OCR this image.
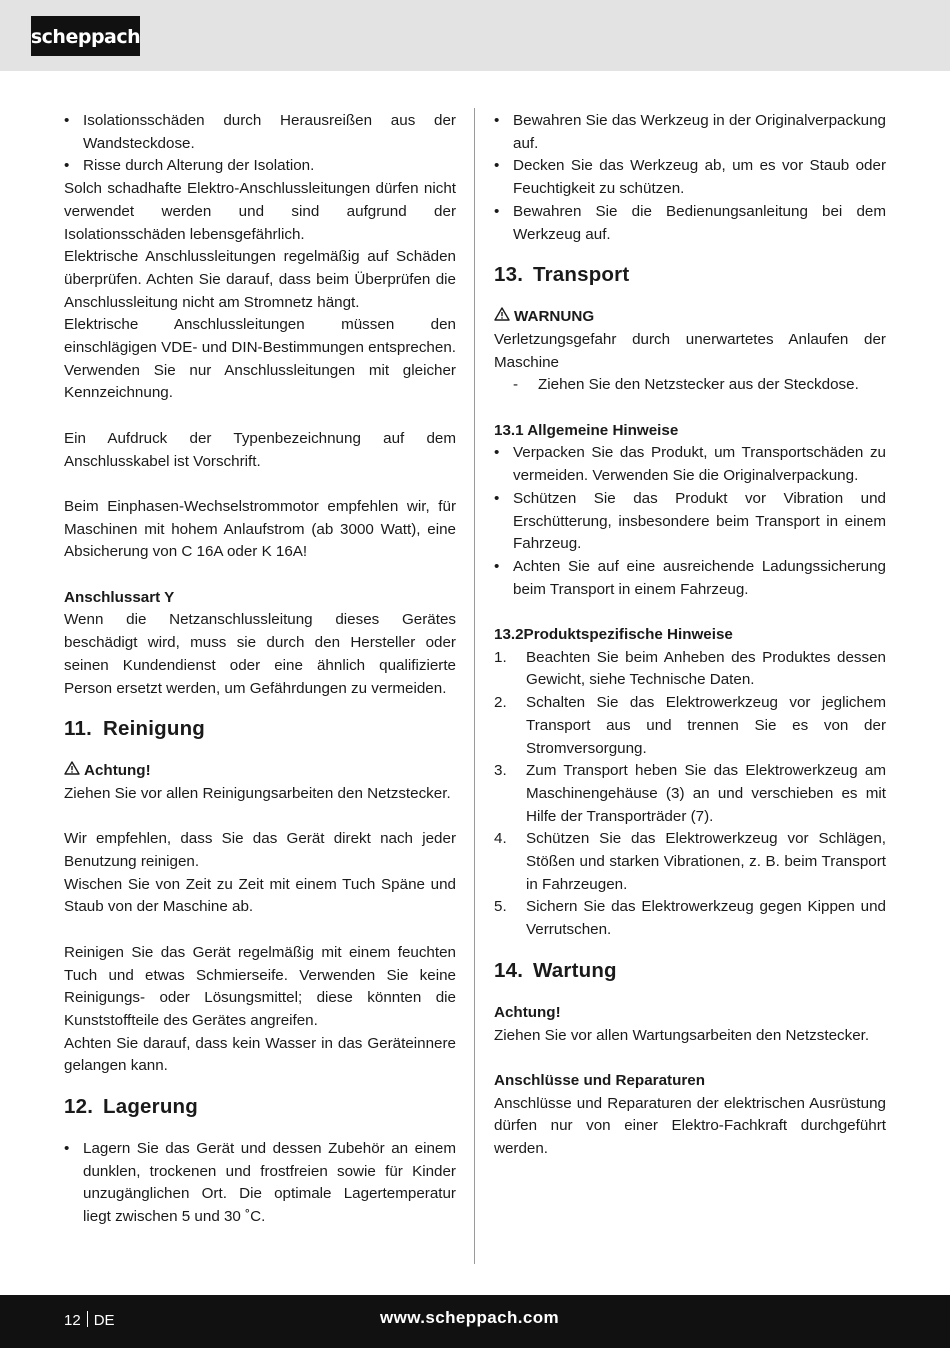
scheppach
• Isolationsschäden durch Herausreißen aus der Wandsteckdose.
• Risse durch Alterung der Isolation.

Solch schadhafte Elektro-Anschlussleitungen dürfen nicht verwendet werden und sind aufgrund der Isolationsschäden lebensgefährlich.

Elektrische Anschlussleitungen regelmäßig auf Schäden überprüfen. Achten Sie darauf, dass beim Überprüfen die Anschlussleitung nicht am Stromnetz hängt.

Elektrische Anschlussleitungen müssen den einschlägigen VDE- und DIN-Bestimmungen entsprechen. Verwenden Sie nur Anschlussleitungen mit gleicher Kennzeichnung.

Ein Aufdruck der Typenbezeichnung auf dem Anschlusskabel ist Vorschrift.

Beim Einphasen-Wechselstrommotor empfehlen wir, für Maschinen mit hohem Anlaufstrom (ab 3000 Watt), eine Absicherung von C 16A oder K 16A!

Anschlussart Y

Wenn die Netzanschlussleitung dieses Gerätes beschädigt wird, muss sie durch den Hersteller oder seinen Kundendienst oder eine ähnlich qualifizierte Person ersetzt werden, um Gefährdungen zu vermeiden.

11. Reinigung
Achtung!

Ziehen Sie vor allen Reinigungsarbeiten den Netzstecker.

Wir empfehlen, dass Sie das Gerät direkt nach jeder Benutzung reinigen.

Wischen Sie von Zeit zu Zeit mit einem Tuch Späne und Staub von der Maschine ab.

Reinigen Sie das Gerät regelmäßig mit einem feuchten Tuch und etwas Schmierseife. Verwenden Sie keine Reinigungs- oder Lösungsmittel; diese könnten die Kunststoffteile des Gerätes angreifen.

Achten Sie darauf, dass kein Wasser in das Geräteinnere gelangen kann.

12. Lagerung
• Lagern Sie das Gerät und dessen Zubehör an einem dunklen, trockenen und frostfreien sowie für Kinder unzugänglichen Ort. Die optimale Lagertemperatur liegt zwischen 5 und 30 ˚C.
• Bewahren Sie das Werkzeug in der Originalverpackung auf.
• Decken Sie das Werkzeug ab, um es vor Staub oder Feuchtigkeit zu schützen.
• Bewahren Sie die Bedienungsanleitung bei dem Werkzeug auf.
13. Transport
WARNUNG

Verletzungsgefahr durch unerwartetes Anlaufen der Maschine

-	Ziehen Sie den Netzstecker aus der Steckdose.

13.1 Allgemeine Hinweise

• Verpacken Sie das Produkt, um Transportschäden zu vermeiden. Verwenden Sie die Originalverpackung.
• Schützen Sie das Produkt vor Vibration und Erschütterung, insbesondere beim Transport in einem Fahrzeug.
• Achten Sie auf eine ausreichende Ladungssicherung beim Transport in einem Fahrzeug.

13.2Produktspezifische Hinweise

1. Beachten Sie beim Anheben des Produktes dessen Gewicht, siehe Technische Daten.
2. Schalten Sie das Elektrowerkzeug vor jeglichem Transport aus und trennen Sie es von der Stromversorgung.
3. Zum Transport heben Sie das Elektrowerkzeug am Maschinengehäuse (3) an und verschieben es mit Hilfe der Transporträder (7).
4. Schützen Sie das Elektrowerkzeug vor Schlägen, Stößen und starken Vibrationen, z. B. beim Transport in Fahrzeugen.
5. Sichern Sie das Elektrowerkzeug gegen Kippen und Verrutschen.
14. Wartung

Achtung!

Ziehen Sie vor allen Wartungsarbeiten den Netzstecker.

Anschlüsse und Reparaturen

Anschlüsse und Reparaturen der elektrischen Ausrüstung dürfen nur von einer Elektro-Fachkraft durchgeführt werden.

12 DE	www.scheppach.com
